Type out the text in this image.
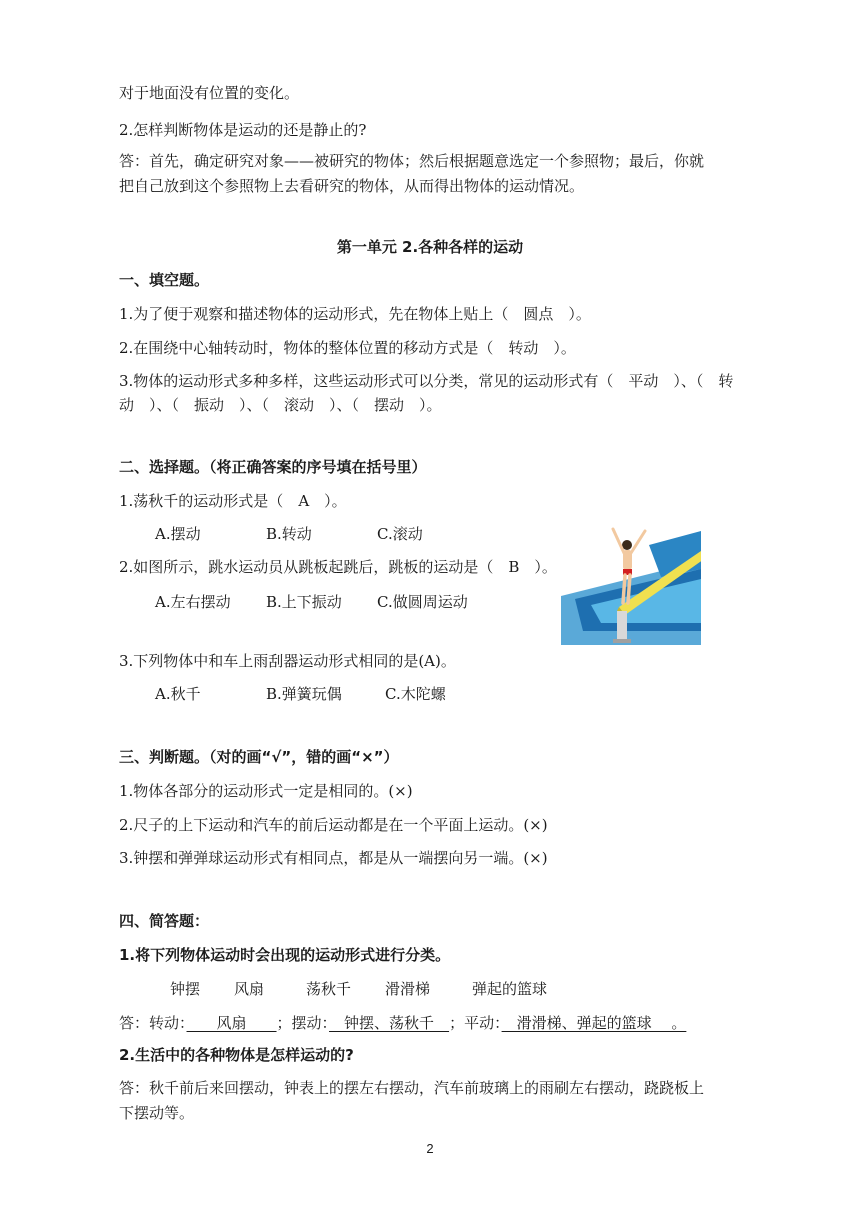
对于地面没有位置的变化。
2.怎样判断物体是运动的还是静止的?
答：首先，确定研究对象——被研究的物体；然后根据题意选定一个参照物；最后，你就
把自己放到这个参照物上去看研究的物体，从而得出物体的运动情况。
第一单元 2.各种各样的运动
一、填空题。
1.为了便于观察和描述物体的运动形式，先在物体上贴上（　圆点　）。
2.在围绕中心轴转动时，物体的整体位置的移动方式是（　转动　）。
3.物体的运动形式多种多样，这些运动形式可以分类，常见的运动形式有（　平动　）、（　转
动　）、（　振动　）、（　滚动　）、（　摆动　）。
二、选择题。（将正确答案的序号填在括号里）
1.荡秋千的运动形式是（　A　）。
A.摆动	B.转动	C.滚动
2.如图所示，跳水运动员从跳板起跳后，跳板的运动是（　B　）。
A.左右摆动 B.上下振动 C.做圆周运动
3.下列物体中和车上雨刮器运动形式相同的是(A)。
A.秋千	B.弹簧玩偶	C.木陀螺
三、判断题。（对的画“√”，错的画“×”）
1.物体各部分的运动形式一定是相同的。(×)
2.尺子的上下运动和汽车的前后运动都是在一个平面上运动。(×)
3.钟摆和弹弹球运动形式有相同点，都是从一端摆向另一端。(×)
四、简答题：
1.将下列物体运动时会出现的运动形式进行分类。
钟摆 风扇	荡秋千 滑滑梯	弹起的篮球
答：转动：　　风扇　　；摆动：　钟摆、荡秋千　；平动：　滑滑梯、弹起的篮球　 。
2.生活中的各种物体是怎样运动的?
答：秋千前后来回摆动，钟表上的摆左右摆动，汽车前玻璃上的雨刷左右摆动，跷跷板上
下摆动等。
2
